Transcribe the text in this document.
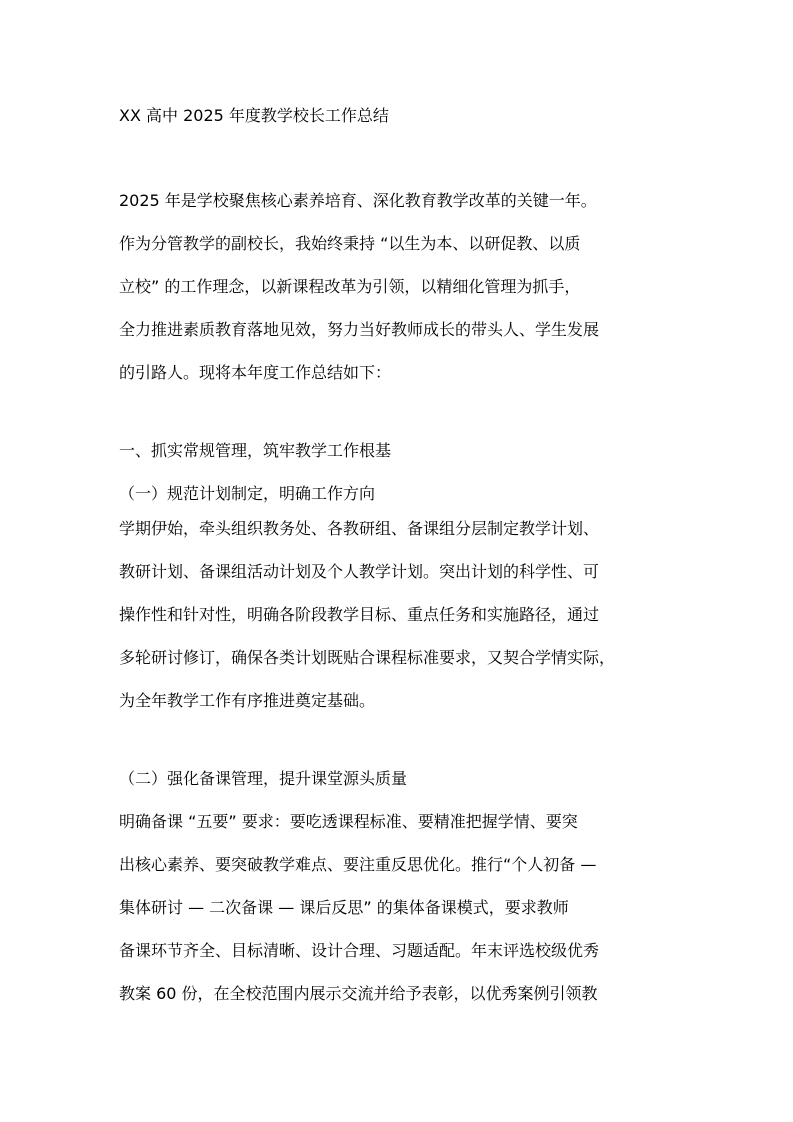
XX 高中 2025 年度教学校长工作总结
2025 年是学校聚焦核心素养培育、深化教育教学改革的关键一年。
作为分管教学的副校长，我始终秉持 “以生为本、以研促教、以质
立校” 的工作理念，以新课程改革为引领，以精细化管理为抓手，
全力推进素质教育落地见效，努力当好教师成长的带头人、学生发展
的引路人。现将本年度工作总结如下：
一、抓实常规管理，筑牢教学工作根基
（一）规范计划制定，明确工作方向
学期伊始，牵头组织教务处、各教研组、备课组分层制定教学计划、
教研计划、备课组活动计划及个人教学计划。突出计划的科学性、可
操作性和针对性，明确各阶段教学目标、重点任务和实施路径，通过
多轮研讨修订，确保各类计划既贴合课程标准要求，又契合学情实际，
为全年教学工作有序推进奠定基础。
（二）强化备课管理，提升课堂源头质量
明确备课 “五要” 要求：要吃透课程标准、要精准把握学情、要突
出核心素养、要突破教学难点、要注重反思优化。推行“个人初备 —
集体研讨 — 二次备课 — 课后反思” 的集体备课模式，要求教师
备课环节齐全、目标清晰、设计合理、习题适配。年末评选校级优秀
教案 60 份，在全校范围内展示交流并给予表彰，以优秀案例引领教
